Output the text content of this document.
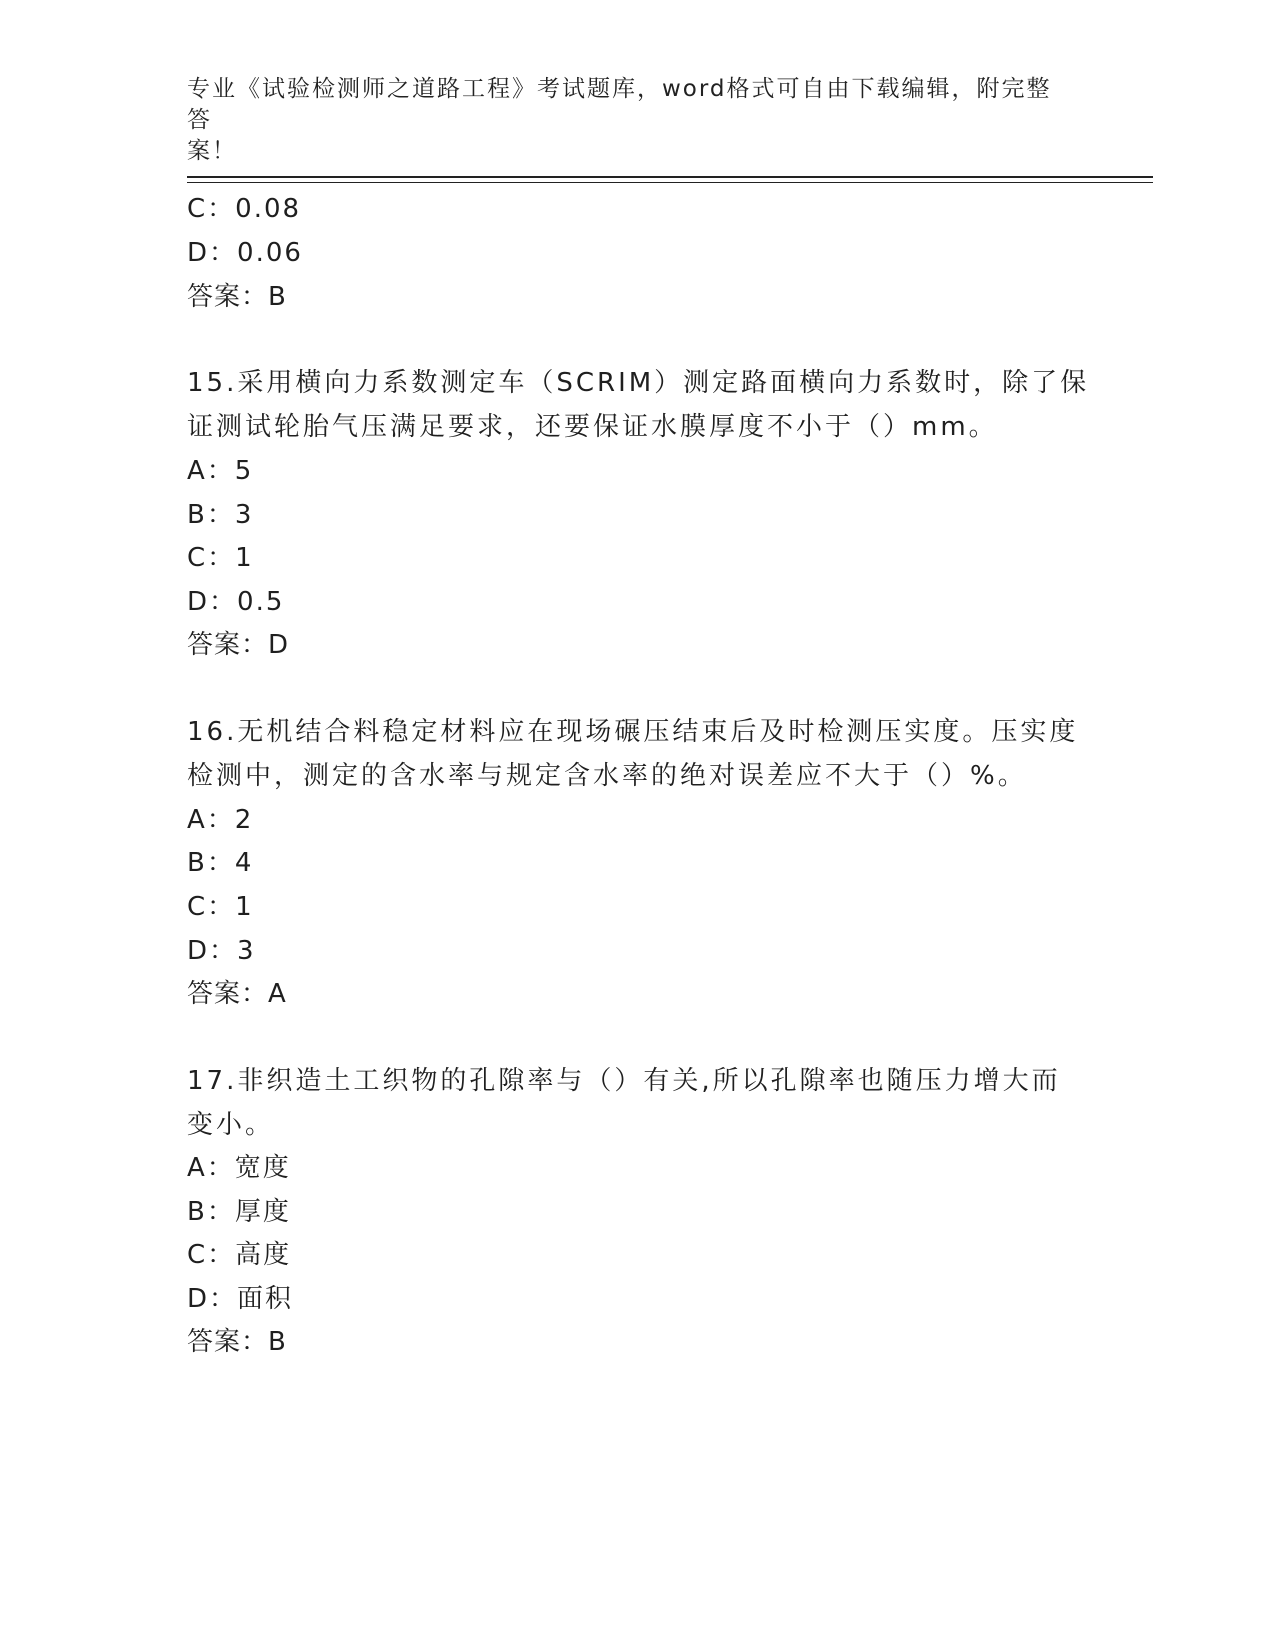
专业《试验检测师之道路工程》考试题库，word格式可自由下载编辑，附完整答
案！
C：0.08
D：0.06
答案：B
15.采用横向力系数测定车（SCRIM）测定路面横向力系数时，除了保
证测试轮胎气压满足要求，还要保证水膜厚度不小于（）mm。
A：5
B：3
C：1
D：0.5
答案：D
16.无机结合料稳定材料应在现场碾压结束后及时检测压实度。压实度
检测中，测定的含水率与规定含水率的绝对误差应不大于（）%。
A：2
B：4
C：1
D：3
答案：A
17.非织造土工织物的孔隙率与（）有关,所以孔隙率也随压力增大而
变小。
A：宽度
B：厚度
C：高度
D：面积
答案：B
